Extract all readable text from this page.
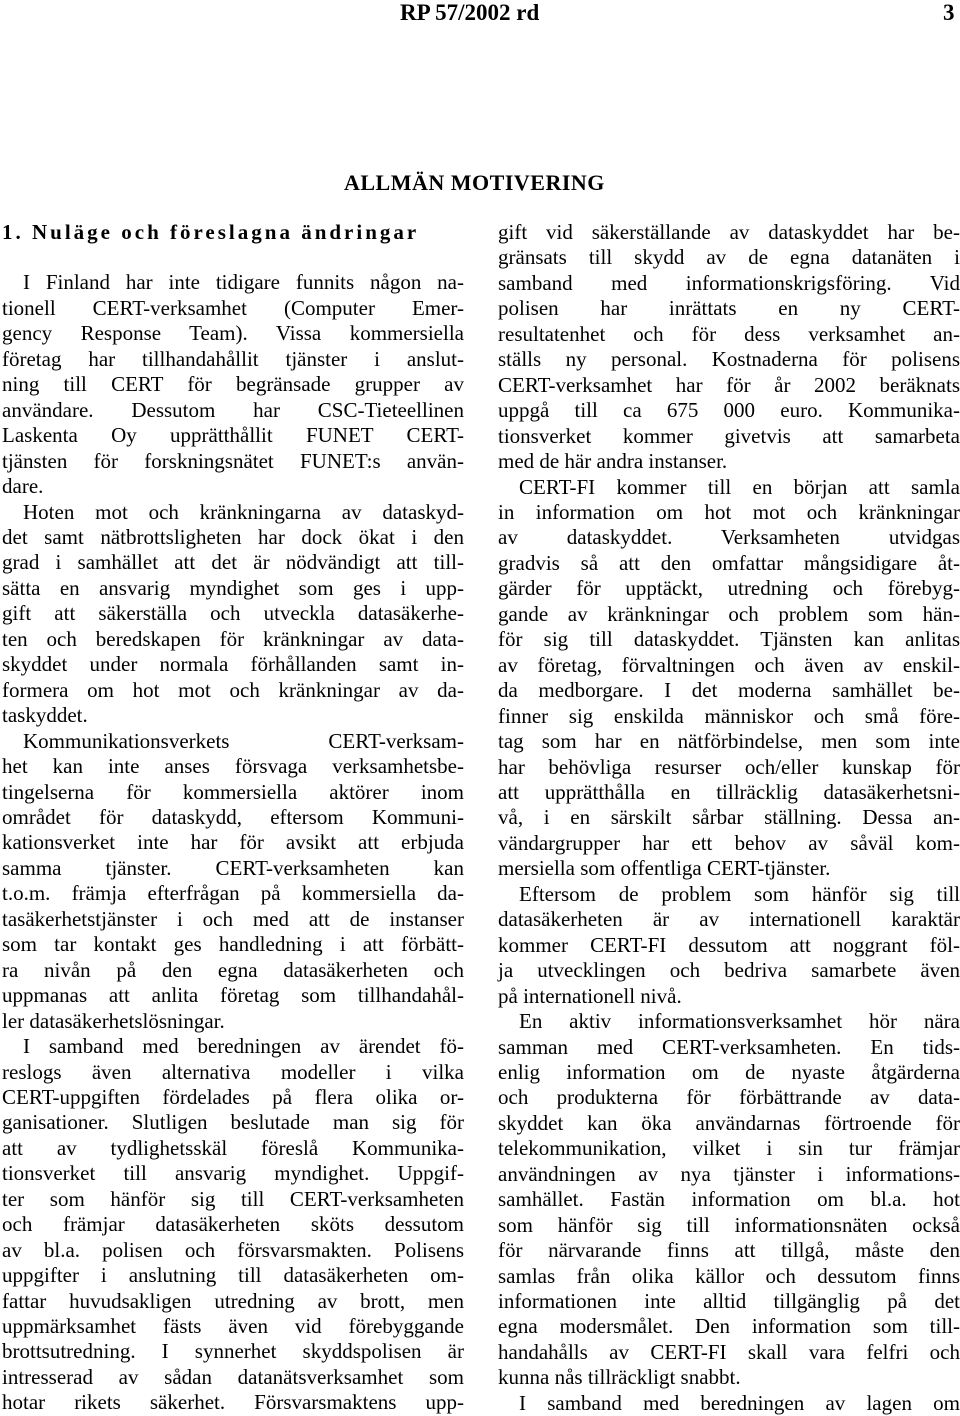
RP 57/2002 rd	3
ALLMÄN MOTIVERING
1. Nuläge och föreslagna ändringar
I Finland har inte tidigare funnits någon na-
tionell CERT-verksamhet (Computer Emer-
gency Response Team). Vissa kommersiella
företag har tillhandahållit tjänster i anslut-
ning till CERT för begränsade grupper av
användare. Dessutom har CSC-Tieteellinen
Laskenta Oy upprätthållit FUNET CERT-
tjänsten för forskningsnätet FUNET:s använ-
dare.
Hoten mot och kränkningarna av dataskyd-
det samt nätbrottsligheten har dock ökat i den
grad i samhället att det är nödvändigt att till-
sätta en ansvarig myndighet som ges i upp-
gift att säkerställa och utveckla datasäkerhe-
ten och beredskapen för kränkningar av data-
skyddet under normala förhållanden samt in-
formera om hot mot och kränkningar av da-
taskyddet.
Kommunikationsverkets CERT-verksam-
het kan inte anses försvaga verksamhetsbe-
tingelserna för kommersiella aktörer inom
området för dataskydd, eftersom Kommuni-
kationsverket inte har för avsikt att erbjuda
samma tjänster. CERT-verksamheten kan
t.o.m. främja efterfrågan på kommersiella da-
tasäkerhetstjänster i och med att de instanser
som tar kontakt ges handledning i att förbätt-
ra nivån på den egna datasäkerheten och
uppmanas att anlita företag som tillhandahål-
ler datasäkerhetslösningar.
I samband med beredningen av ärendet fö-
reslogs även alternativa modeller i vilka
CERT-uppgiften fördelades på flera olika or-
ganisationer. Slutligen beslutade man sig för
att av tydlighetsskäl föreslå Kommunika-
tionsverket till ansvarig myndighet. Uppgif-
ter som hänför sig till CERT-verksamheten
och främjar datasäkerheten sköts dessutom
av bl.a. polisen och försvarsmakten. Polisens
uppgifter i anslutning till datasäkerheten om-
fattar huvudsakligen utredning av brott, men
uppmärksamhet fästs även vid förebyggande
brottsutredning. I synnerhet skyddspolisen är
intresserad av sådan datanätsverksamhet som
hotar rikets säkerhet. Försvarsmaktens upp-
gift vid säkerställande av dataskyddet har be-
gränsats till skydd av de egna datanäten i
samband med informationskrigsföring. Vid
polisen har inrättats en ny CERT-
resultatenhet och för dess verksamhet an-
ställs ny personal. Kostnaderna för polisens
CERT-verksamhet har för år 2002 beräknats
uppgå till ca 675 000 euro. Kommunika-
tionsverket kommer givetvis att samarbeta
med de här andra instanser.
CERT-FI kommer till en början att samla
in information om hot mot och kränkningar
av dataskyddet. Verksamheten utvidgas
gradvis så att den omfattar mångsidigare åt-
gärder för upptäckt, utredning och förebyg-
gande av kränkningar och problem som hän-
för sig till dataskyddet. Tjänsten kan anlitas
av företag, förvaltningen och även av enskil-
da medborgare. I det moderna samhället be-
finner sig enskilda människor och små före-
tag som har en nätförbindelse, men som inte
har behövliga resurser och/eller kunskap för
att upprätthålla en tillräcklig datasäkerhetsni-
vå, i en särskilt sårbar ställning. Dessa an-
vändargrupper har ett behov av såväl kom-
mersiella som offentliga CERT-tjänster.
Eftersom de problem som hänför sig till
datasäkerheten är av internationell karaktär
kommer CERT-FI dessutom att noggrant föl-
ja utvecklingen och bedriva samarbete även
på internationell nivå.
En aktiv informationsverksamhet hör nära
samman med CERT-verksamheten. En tids-
enlig information om de nyaste åtgärderna
och produkterna för förbättrande av data-
skyddet kan öka användarnas förtroende för
telekommunikation, vilket i sin tur främjar
användningen av nya tjänster i informations-
samhället. Fastän information om bl.a. hot
som hänför sig till informationsnäten också
för närvarande finns att tillgå, måste den
samlas från olika källor och dessutom finns
informationen inte alltid tillgänglig på det
egna modersmålet. Den information som till-
handahålls av CERT-FI skall vara felfri och
kunna nås tillräckligt snabbt.
I samband med beredningen av lagen om
